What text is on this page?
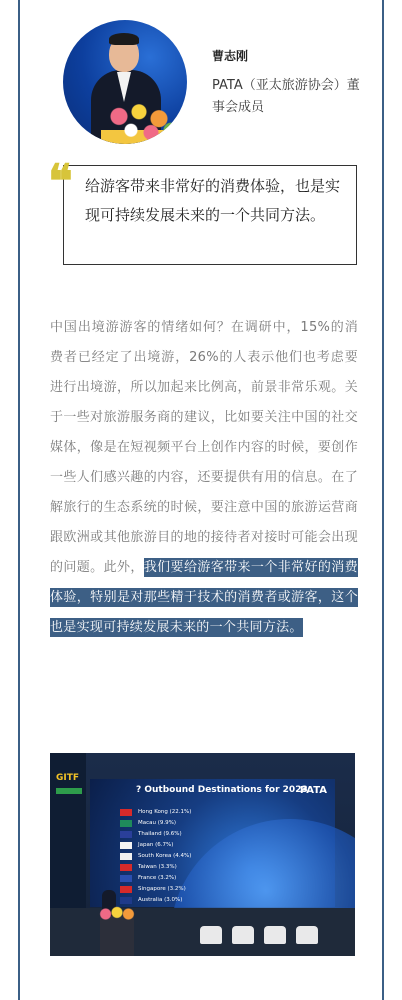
曹志刚
PATA（亚太旅游协会）董事会成员
❝ 给游客带来非常好的消费体验，也是实现可持续发展未来的一个共同方法。
中国出境游游客的情绪如何？在调研中，15%的消费者已经定了出境游，26%的人表示他们也考虑要进行出境游，所以加起来比例高，前景非常乐观。关于一些对旅游服务商的建议，比如要关注中国的社交媒体，像是在短视频平台上创作内容的时候，要创作一些人们感兴趣的内容，还要提供有用的信息。在了解旅行的生态系统的时候，要注意中国的旅游运营商跟欧洲或其他旅游目的地的接待者对接时可能会出现的问题。此外，我们要给游客带来一个非常好的消费体验，特别是对那些精于技术的消费者或游客，这个也是实现可持续发展未来的一个共同方法。
GITF
? Outbound Destinations for 2023
PATA
Hong Kong (22.1%)
Macau (9.9%)
Thailand (9.6%)
Japan (6.7%)
South Korea (4.4%)
Taiwan (3.3%)
France (3.2%)
Singapore (3.2%)
Australia (3.0%)
